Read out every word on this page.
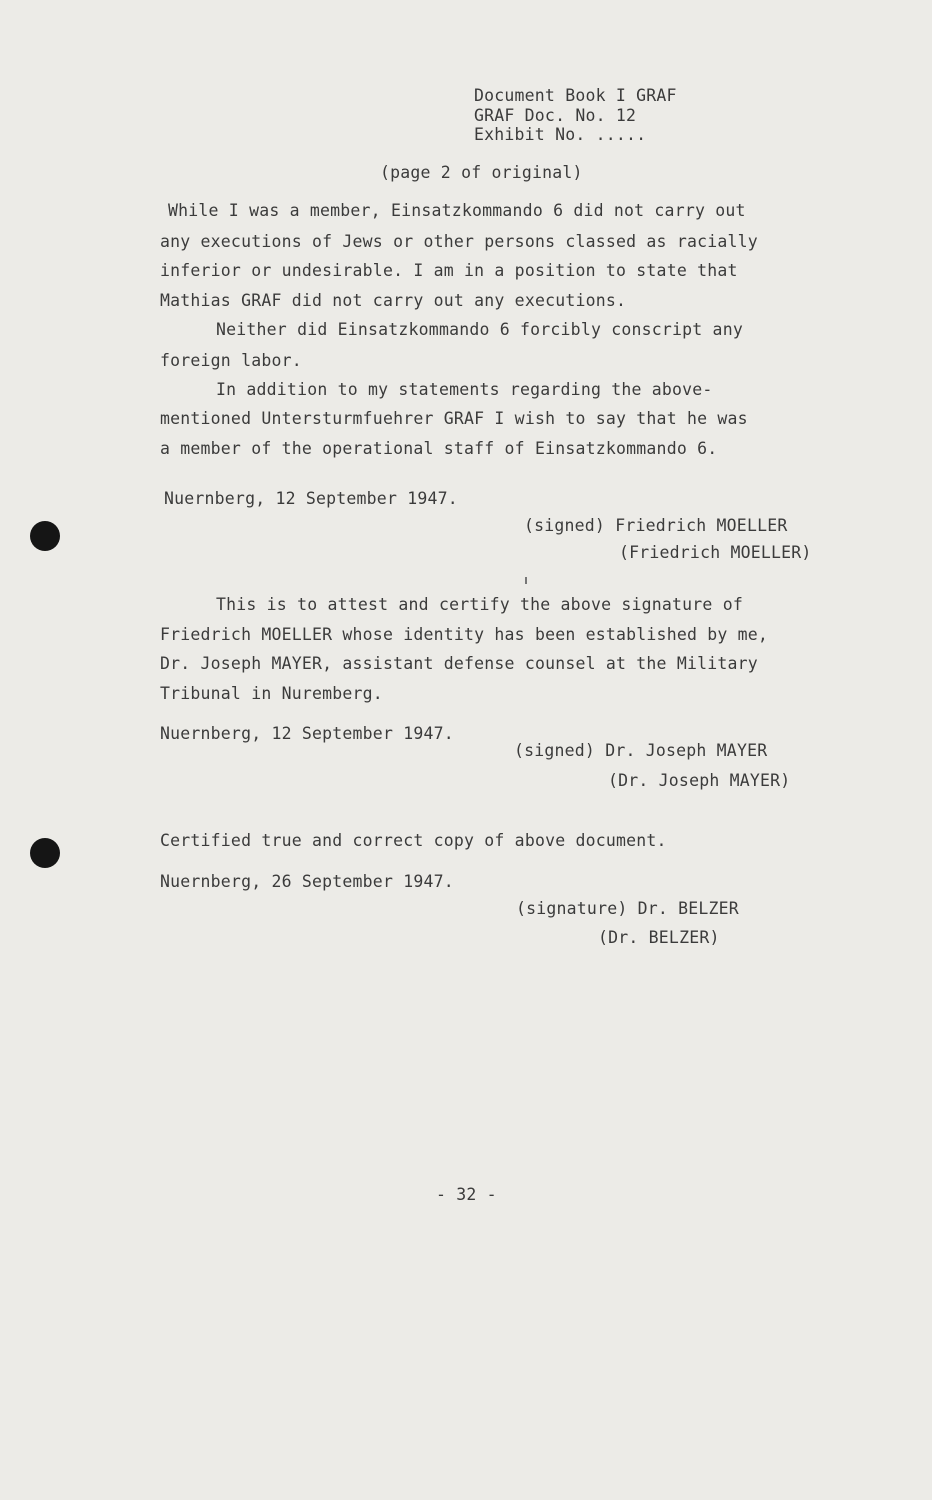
Document Book I GRAF
GRAF Doc. No. 12
Exhibit No. .....
(page 2 of original)
While I was a member, Einsatzkommando 6 did not carry out
any executions of Jews or other persons classed as racially
inferior or undesirable. I am in a position to state that
Mathias GRAF did not carry out any executions.
Neither did Einsatzkommando 6 forcibly conscript any
foreign labor.
In addition to my statements regarding the above-
mentioned Untersturmfuehrer GRAF I wish to say that he was
a member of the operational staff of Einsatzkommando 6.
Nuernberg, 12 September 1947.
(signed) Friedrich MOELLER
(Friedrich MOELLER)
This is to attest and certify the above signature of
Friedrich MOELLER whose identity has been established by me,
Dr. Joseph MAYER, assistant defense counsel at the Military
Tribunal in Nuremberg.
Nuernberg, 12 September 1947.
(signed) Dr. Joseph MAYER
(Dr. Joseph MAYER)
Certified true and correct copy of above document.
Nuernberg, 26 September 1947.
(signature) Dr. BELZER
(Dr. BELZER)
- 32 -
